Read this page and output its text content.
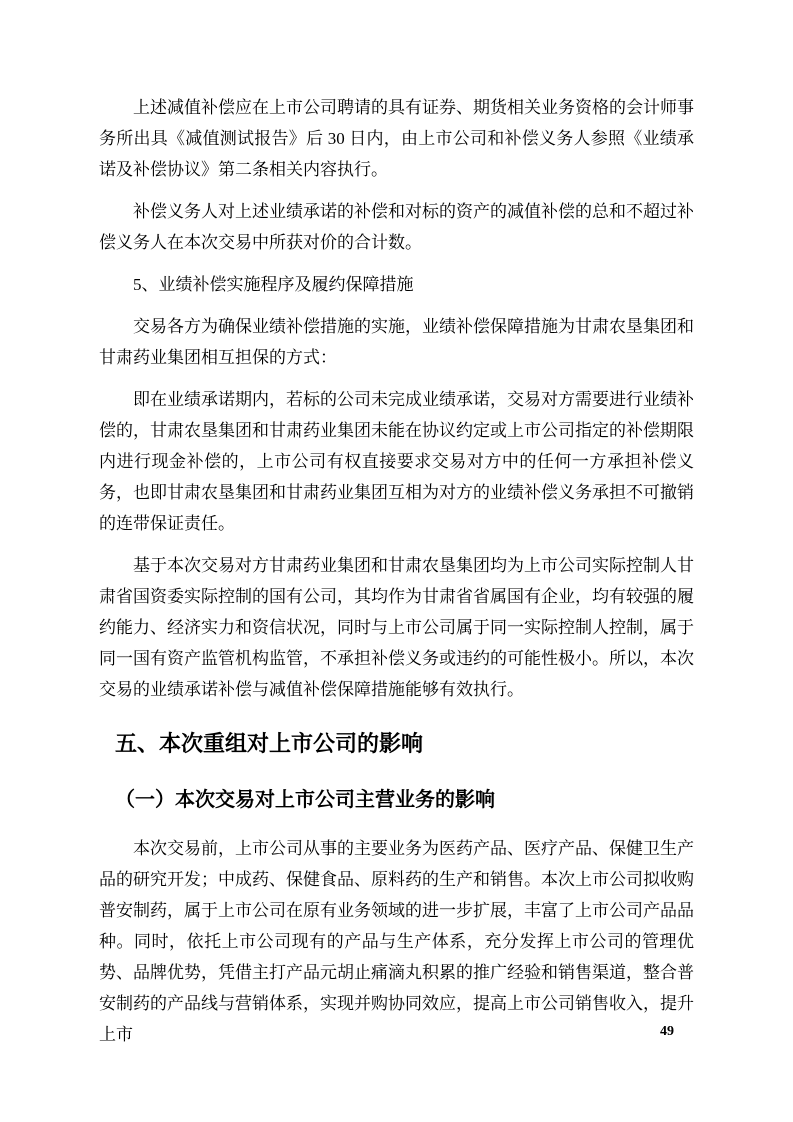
上述减值补偿应在上市公司聘请的具有证券、期货相关业务资格的会计师事务所出具《减值测试报告》后 30 日内，由上市公司和补偿义务人参照《业绩承诺及补偿协议》第二条相关内容执行。

补偿义务人对上述业绩承诺的补偿和对标的资产的减值补偿的总和不超过补偿义务人在本次交易中所获对价的合计数。

5、业绩补偿实施程序及履约保障措施

交易各方为确保业绩补偿措施的实施，业绩补偿保障措施为甘肃农垦集团和甘肃药业集团相互担保的方式：

即在业绩承诺期内，若标的公司未完成业绩承诺，交易对方需要进行业绩补偿的，甘肃农垦集团和甘肃药业集团未能在协议约定或上市公司指定的补偿期限内进行现金补偿的，上市公司有权直接要求交易对方中的任何一方承担补偿义务，也即甘肃农垦集团和甘肃药业集团互相为对方的业绩补偿义务承担不可撤销的连带保证责任。

基于本次交易对方甘肃药业集团和甘肃农垦集团均为上市公司实际控制人甘肃省国资委实际控制的国有公司，其均作为甘肃省省属国有企业，均有较强的履约能力、经济实力和资信状况，同时与上市公司属于同一实际控制人控制，属于同一国有资产监管机构监管，不承担补偿义务或违约的可能性极小。所以，本次交易的业绩承诺补偿与减值补偿保障措施能够有效执行。

五、本次重组对上市公司的影响
（一）本次交易对上市公司主营业务的影响

本次交易前，上市公司从事的主要业务为医药产品、医疗产品、保健卫生产品的研究开发；中成药、保健食品、原料药的生产和销售。本次上市公司拟收购普安制药，属于上市公司在原有业务领域的进一步扩展，丰富了上市公司产品品种。同时，依托上市公司现有的产品与生产体系，充分发挥上市公司的管理优势、品牌优势，凭借主打产品元胡止痛滴丸积累的推广经验和销售渠道，整合普安制药的产品线与营销体系，实现并购协同效应，提高上市公司销售收入，提升上市	49
